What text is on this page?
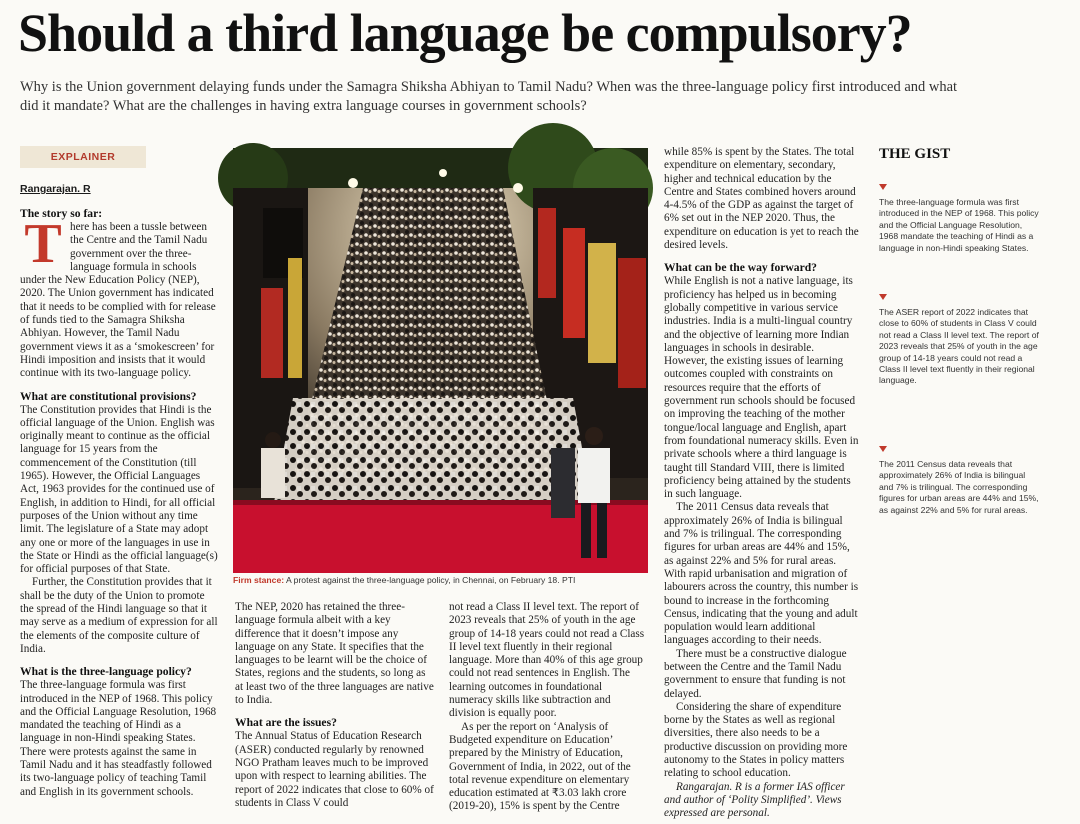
Should a third language be compulsory?
Why is the Union government delaying funds under the Samagra Shiksha Abhiyan to Tamil Nadu? When was the three-language policy first introduced and what did it mandate? What are the challenges in having extra language courses in government schools?
EXPLAINER
Rangarajan. R
The story so far:
T here has been a tussle between the Centre and the Tamil Nadu government over the three-language formula in schools under the New Education Policy (NEP), 2020. The Union government has indicated that it needs to be complied with for release of funds tied to the Samagra Shiksha Abhiyan. However, the Tamil Nadu government views it as a ‘smokescreen’ for Hindi imposition and insists that it would continue with its two-language policy.

What are constitutional provisions?

The Constitution provides that Hindi is the official language of the Union. English was originally meant to continue as the official language for 15 years from the commencement of the Constitution (till 1965). However, the Official Languages Act, 1963 provides for the continued use of English, in addition to Hindi, for all official purposes of the Union without any time limit. The legislature of a State may adopt any one or more of the languages in use in the State or Hindi as the official language(s) for official purposes of that State.

Further, the Constitution provides that it shall be the duty of the Union to promote the spread of the Hindi language so that it may serve as a medium of expression for all the elements of the composite culture of India.

What is the three-language policy?

The three-language formula was first introduced in the NEP of 1968. This policy and the Official Language Resolution, 1968 mandated the teaching of Hindi as a language in non-Hindi speaking States. There were protests against the same in Tamil Nadu and it has steadfastly followed its two-language policy of teaching Tamil and English in its government schools.

Firm stance: A protest against the three-language policy, in Chennai, on February 18. PTI

The NEP, 2020 has retained the three-language formula albeit with a key difference that it doesn’t impose any language on any State. It specifies that the languages to be learnt will be the choice of States, regions and the students, so long as at least two of the three languages are native to India.

What are the issues?

The Annual Status of Education Research (ASER) conducted regularly by renowned NGO Pratham leaves much to be improved upon with respect to learning abilities. The report of 2022 indicates that close to 60% of students in Class V could

not read a Class II level text. The report of 2023 reveals that 25% of youth in the age group of 14-18 years could not read a Class II level text fluently in their regional language. More than 40% of this age group could not read sentences in English. The learning outcomes in foundational numeracy skills like subtraction and division is equally poor.

As per the report on ‘Analysis of Budgeted expenditure on Education’ prepared by the Ministry of Education, Government of India, in 2022, out of the total revenue expenditure on elementary education estimated at ₹3.03 lakh crore (2019-20), 15% is spent by the Centre

while 85% is spent by the States. The total expenditure on elementary, secondary, higher and technical education by the Centre and States combined hovers around 4-4.5% of the GDP as against the target of 6% set out in the NEP 2020. Thus, the expenditure on education is yet to reach the desired levels.

What can be the way forward?

While English is not a native language, its proficiency has helped us in becoming globally competitive in various service industries. India is a multi-lingual country and the objective of learning more Indian languages in schools in desirable. However, the existing issues of learning outcomes coupled with constraints on resources require that the efforts of government run schools should be focused on improving the teaching of the mother tongue/local language and English, apart from foundational numeracy skills. Even in private schools where a third language is taught till Standard VIII, there is limited proficiency being attained by the students in such language.

The 2011 Census data reveals that approximately 26% of India is bilingual and 7% is trilingual. The corresponding figures for urban areas are 44% and 15%, as against 22% and 5% for rural areas. With rapid urbanisation and migration of labourers across the country, this number is bound to increase in the forthcoming Census, indicating that the young and adult population would learn additional languages according to their needs.

There must be a constructive dialogue between the Centre and the Tamil Nadu government to ensure that funding is not delayed.

Considering the share of expenditure borne by the States as well as regional diversities, there also needs to be a productive discussion on providing more autonomy to the States in policy matters relating to school education.

Rangarajan. R is a former IAS officer and author of ‘Polity Simplified’. Views expressed are personal.

THE GIST
The three-language formula was first introduced in the NEP of 1968. This policy and the Official Language Resolution, 1968 mandate the teaching of Hindi as a language in non-Hindi speaking States.
The ASER report of 2022 indicates that close to 60% of students in Class V could not read a Class II level text. The report of 2023 reveals that 25% of youth in the age group of 14-18 years could not read a Class II level text fluently in their regional language.
The 2011 Census data reveals that approximately 26% of India is bilingual and 7% is trilingual. The corresponding figures for urban areas are 44% and 15%, as against 22% and 5% for rural areas.
